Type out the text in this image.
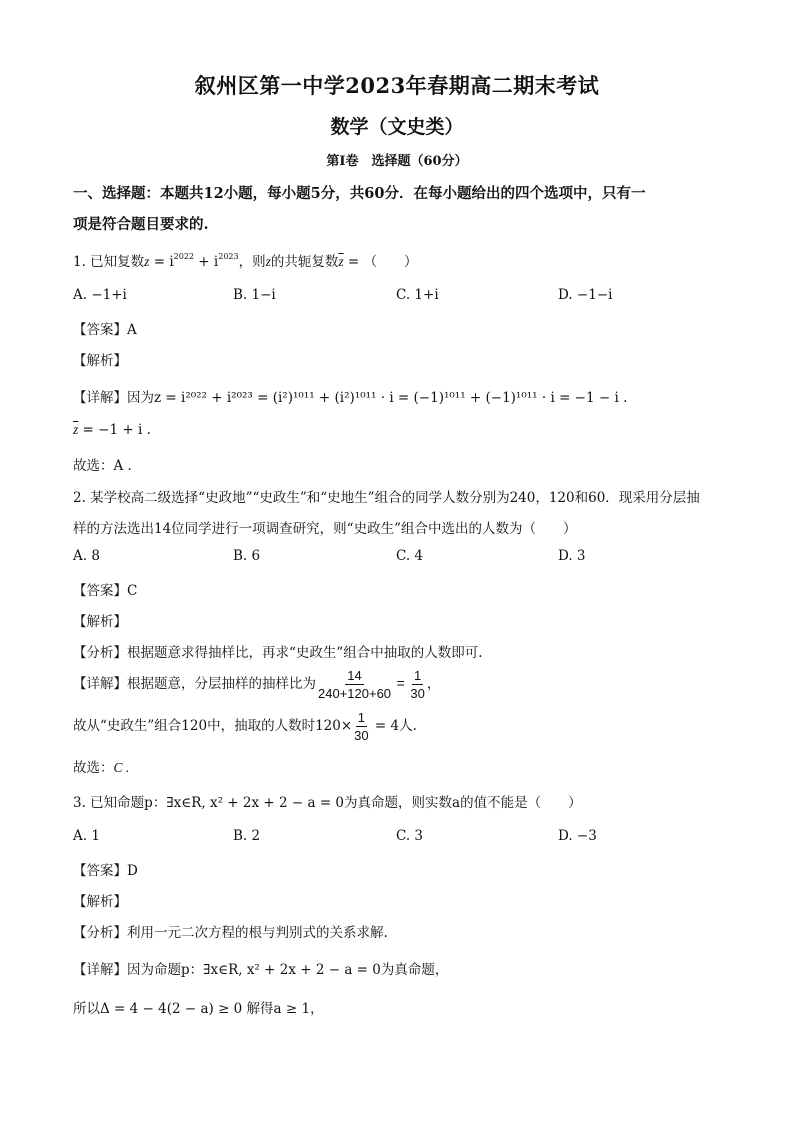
叙州区第一中学2023年春期高二期末考试
数学（文史类）
第Ⅰ卷　选择题（60分）
一、选择题：本题共12小题，每小题5分，共60分．在每小题给出的四个选项中，只有一
项是符合题目要求的.
1. 已知复数$z = i^{2022} + i^{2023}$，则z的共轭复数$\overline{z}$ = （　　）
A. −1+i	B. 1−i	C. 1+i	D. −1−i
【答案】A
【解析】
【详解】因为z = i²⁰²² + i²⁰²³ = (i²)¹⁰¹¹ + (i²)¹⁰¹¹ · i = (−1)¹⁰¹¹ + (−1)¹⁰¹¹ · i = −1 − i .
$\overline{z} = -1 + i$ .
故选：A .
2. 某学校高二级选择“史政地”“史政生”和“史地生”组合的同学人数分别为240，120和60．现采用分层抽
样的方法选出14位同学进行一项调查研究，则“史政生”组合中选出的人数为（　　）
A. 8	B. 6	C. 4	D. 3
【答案】C
【解析】
【分析】根据题意求得抽样比，再求“史政生”组合中抽取的人数即可.
【详解】根据题意，分层抽样的抽样比为 $\frac{14}{240+120+60} = \frac{1}{30}$ ，
故从“史政生”组合120中，抽取的人数时$120\times \frac{1}{30} = 4$人.
故选：C .
3. 已知命题p：∃x∈R, x² + 2x + 2 − a = 0为真命题，则实数a的值不能是（　　）
A. 1	B. 2	C. 3	D. −3
【答案】D
【解析】
【分析】利用一元二次方程的根与判别式的关系求解.
【详解】因为命题p：∃x∈R, x² + 2x + 2 − a = 0为真命题，
所以Δ = 4 − 4(2 − a) ≥ 0 解得a ≥ 1，
